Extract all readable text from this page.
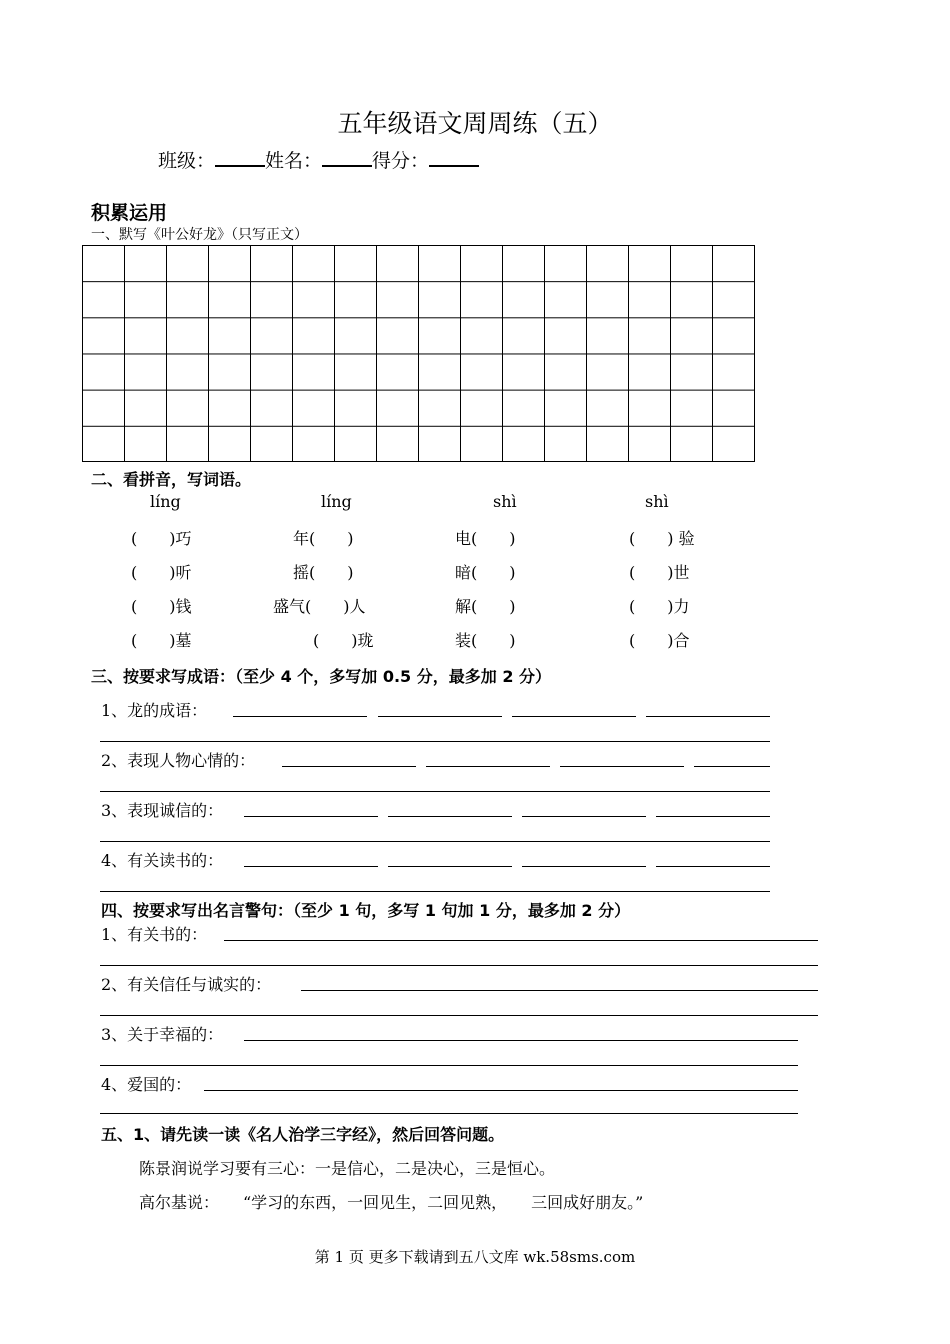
五年级语文周周练（五）
班级：	姓名：	得分：
积累运用
一、默写《叶公好龙》（只写正文）
二、看拼音，写词语。
líng	líng	shì	shì
(　　)巧	年(　　)	电(　　)	(　　) 验
(　　)听	摇(　　)	暗(　　)	(　　)世
(　　)钱	盛气(　　)人	解(　　)	(　　)力
(　　)墓	(　　)珑	装(　　)	(　　)合
三、按要求写成语：（至少 4 个，多写加 0.5 分，最多加 2 分）
1、龙的成语：
2、表现人物心情的：
3、表现诚信的：
4、有关读书的：
四、按要求写出名言警句：（至少 1 句，多写 1 句加 1 分，最多加 2 分）
1、有关书的：
2、有关信任与诚实的：
3、关于幸福的：
4、爱国的：
五、1、请先读一读《名人治学三字经》，然后回答问题。
陈景润说学习要有三心：一是信心，二是决心，三是恒心。
高尔基说：　　“学习的东西，一回见生，二回见熟，　　三回成好朋友。”
第 1 页 更多下载请到五八文库 wk.58sms.com
